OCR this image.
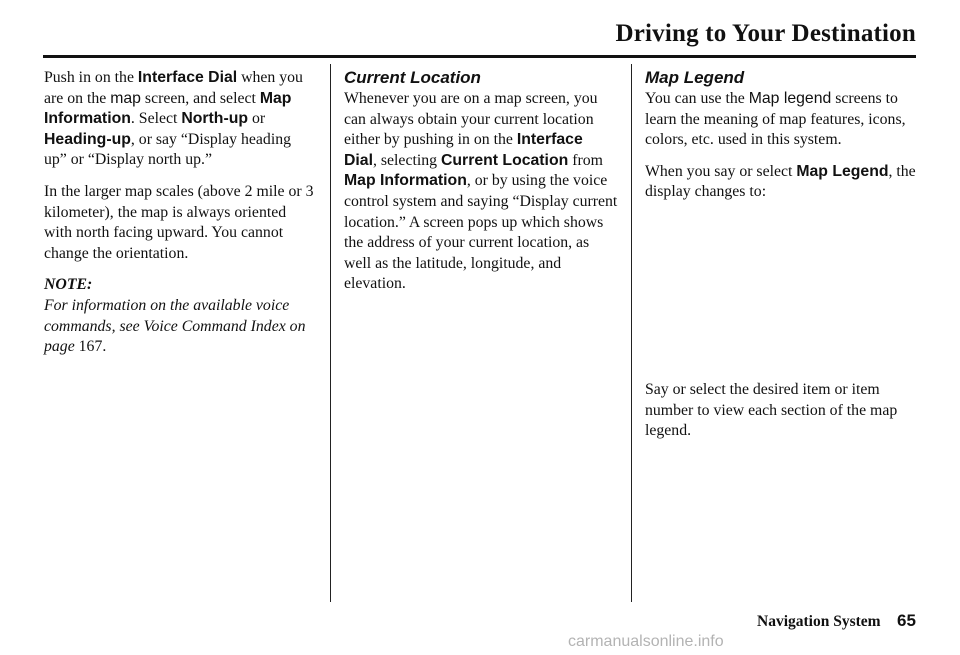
Driving to Your Destination

Push in on the Interface Dial when you are on the map screen, and select Map Information. Select North-up or Heading-up, or say “Display heading up” or “Display north up.”

In the larger map scales (above 2 mile or 3 kilometer), the map is always oriented with north facing upward. You cannot change the orientation.

NOTE:
For information on the available voice commands, see Voice Command Index on page 167.

Current Location

Whenever you are on a map screen, you can always obtain your current location either by pushing in on the Interface Dial, selecting Current Location from Map Information, or by using the voice control system and saying “Display current location.” A screen pops up which shows the address of your current location, as well as the latitude, longitude, and elevation.

Map Legend

You can use the Map legend screens to learn the meaning of map features, icons, colors, etc. used in this system.

When you say or select Map Legend, the display changes to:

Say or select the desired item or item number to view each section of the map legend.

Navigation System 65
carmanualsonline.info
